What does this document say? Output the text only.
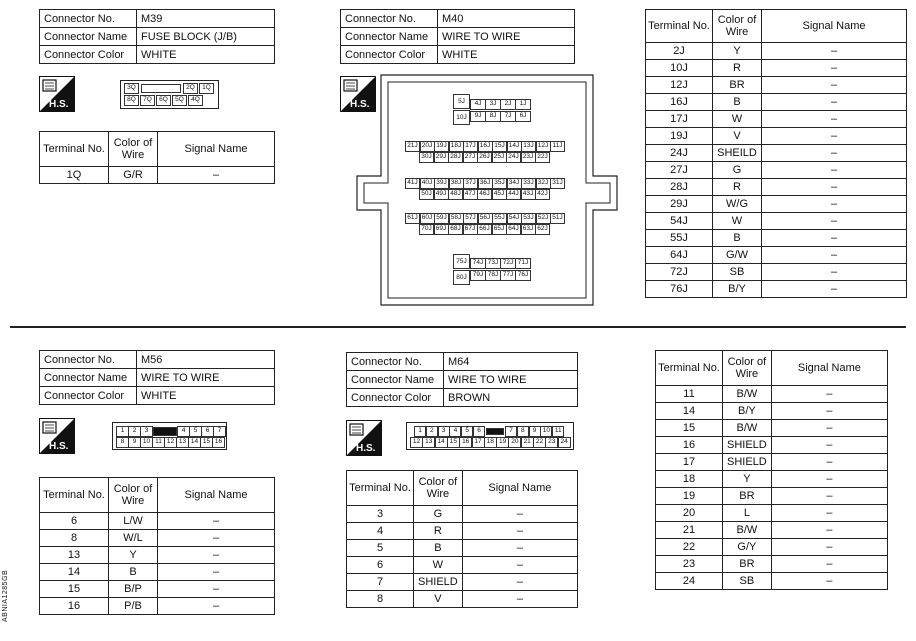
Connector No.	M39
Connector Name	FUSE BLOCK (J/B)
Connector Color	WHITE
H.S.
3Q	2Q	1Q
8Q	7Q	6Q	5Q	4Q
Terminal No.	Color of Wire	Signal Name
1Q	G/R	–
Connector No.	M40
Connector Name	WIRE TO WIRE
Connector Color	WHITE
H.S.	5J
10J
4J	3J	2J	1J
9J	8J	7J	6J
21J 20J 19J 18J 17J 16J 15J 14J 13J 12J 11J
30J 29J 28J 27J 26J 25J 24J 23J 22J
41J 40J 39J 38J 37J 36J 35J 34J 33J 32J 31J
50J 49J 48J 47J 46J 45J 44J 43J 42J
61J 60J 59J 58J 57J 56J 55J 54J 53J 52J 51J
70J 69J 68J 67J 66J 65J 64J 63J 62J
75J
80J
74J 73J 72J 71J
79J 78J 77J 76J
Terminal No.	Color of Wire	Signal Name
2J	Y	–
10J	R	–
12J	BR	–
16J	B	–
17J	W	–
19J	V	–
24J	SHEILD	–
27J	G	–
28J	R	–
29J	W/G	–
54J	W	–
55J	B	–
64J	G/W	–
72J	SB	–
76J	B/Y	–
Connector No.	M56
Connector Name	WIRE TO WIRE
Connector Color	WHITE
H.S.
1	2	3	4	5	6	7
8	9	10 11 12 13 14 15 16
Terminal No.	Color of Wire	Signal Name
6	L/W	–
8	W/L	–
13	Y	–
14	B	–
15	B/P	–
16	P/B	–
Connector No.	M64
Connector Name	WIRE TO WIRE
Connector Color	BROWN
H.S.
1	2	3	4	5	6	7	8	9 10 11
12 13 14 15 16 17 18 19 20 21 22 23 24
Terminal No.	Color of Wire	Signal Name
3	G	–
4	R	–
5	B	–
6	W	–
7	SHIELD	–
8	V	–
Terminal No.	Color of Wire	Signal Name
11	B/W	–
14	B/Y	–
15	B/W	–
16	SHIELD	–
17	SHIELD	–
18	Y	–
19	BR	–
20	L	–
21	B/W	–
22	G/Y	–
23	BR	–
24	SB	–
ABNIA1285GB
